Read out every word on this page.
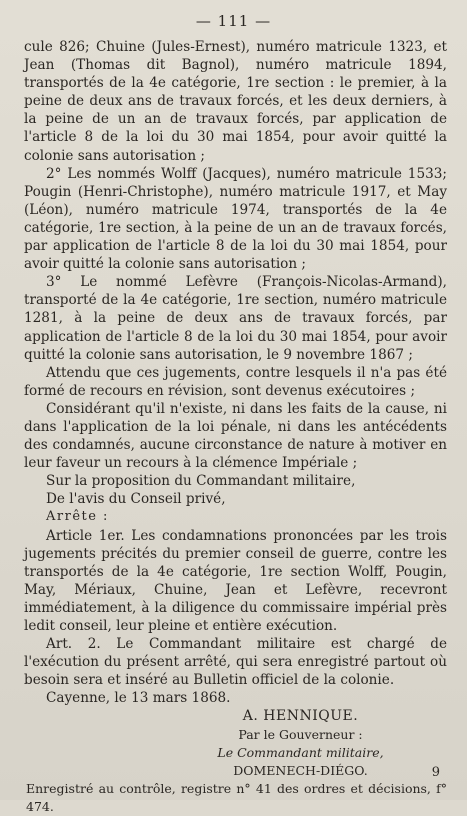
— 111 —

cule 826; Chuine (Jules-Ernest), numéro matricule 1323, et Jean (Thomas dit Bagnol), numéro matricule 1894, transportés de la 4e catégorie, 1re section : le premier, à la peine de deux ans de travaux forcés, et les deux derniers, à la peine de un an de travaux forcés, par application de l'article 8 de la loi du 30 mai 1854, pour avoir quitté la colonie sans autorisation ;

2° Les nommés Wolff (Jacques), numéro matricule 1533; Pougin (Henri-Christophe), numéro matricule 1917, et May (Léon), numéro matricule 1974, transportés de la 4e catégorie, 1re section, à la peine de un an de travaux forcés, par application de l'article 8 de la loi du 30 mai 1854, pour avoir quitté la colonie sans autorisation ;

3° Le nommé Lefèvre (François-Nicolas-Armand), transporté de la 4e catégorie, 1re section, numéro matricule 1281, à la peine de deux ans de travaux forcés, par application de l'article 8 de la loi du 30 mai 1854, pour avoir quitté la colonie sans autorisation, le 9 novembre 1867 ;

Attendu que ces jugements, contre lesquels il n'a pas été formé de recours en révision, sont devenus exécutoires ;

Considérant qu'il n'existe, ni dans les faits de la cause, ni dans l'application de la loi pénale, ni dans les antécédents des condamnés, aucune circonstance de nature à motiver en leur faveur un recours à la clémence Impériale ;

Sur la proposition du Commandant militaire,

De l'avis du Conseil privé,

Arrête :

Article 1er. Les condamnations prononcées par les trois jugements précités du premier conseil de guerre, contre les transportés de la 4e catégorie, 1re section Wolff, Pougin, May, Mériaux, Chuine, Jean et Lefèvre, recevront immédiatement, à la diligence du commissaire impérial près ledit conseil, leur pleine et entière exécution.

Art. 2. Le Commandant militaire est chargé de l'exécution du présent arrêté, qui sera enregistré partout où besoin sera et inséré au Bulletin officiel de la colonie.

Cayenne, le 13 mars 1868.

A. HENNIQUE.

Par le Gouverneur :

Le Commandant militaire,

DOMENECH-DIÉGO.

Enregistré au contrôle, registre n° 41 des ordres et décisions, f° 474.

9
